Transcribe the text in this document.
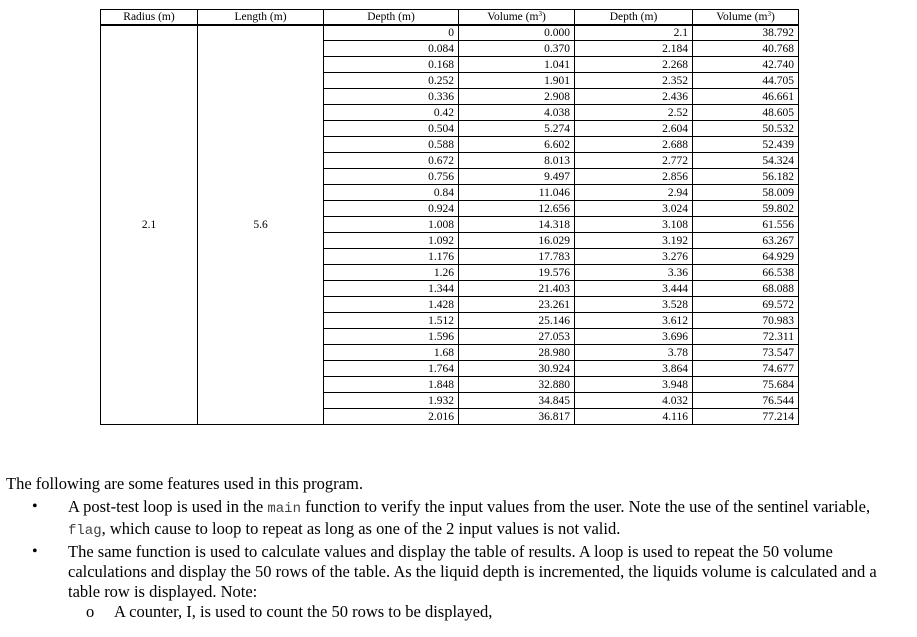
Radius (m)	Length (m)	Depth (m)	Volume $(m^3)$	Depth (m)	Volume $(m^3)$
2.1	5.6	0	0.000	2.1	38.792
		0.084	0.370	2.184	40.768
		0.168	1.041	2.268	42.740
		0.252	1.901	2.352	44.705
		0.336	2.908	2.436	46.661
		0.42	4.038	2.52	48.605
		0.504	5.274	2.604	50.532
		0.588	6.602	2.688	52.439
		0.672	8.013	2.772	54.324
		0.756	9.497	2.856	56.182
		0.84	11.046	2.94	58.009
		0.924	12.656	3.024	59.802
		1.008	14.318	3.108	61.556
		1.092	16.029	3.192	63.267
		1.176	17.783	3.276	64.929
		1.26	19.576	3.36	66.538
		1.344	21.403	3.444	68.088
		1.428	23.261	3.528	69.572
		1.512	25.146	3.612	70.983
		1.596	27.053	3.696	72.311
		1.68	28.980	3.78	73.547
		1.764	30.924	3.864	74.677
		1.848	32.880	3.948	75.684
		1.932	34.845	4.032	76.544
		2.016	36.817	4.116	77.214

The following are some features used in this program.

• A post-test loop is used in the main function to verify the input values from the user. Note the use of the sentinel variable, flag, which cause to loop to repeat as long as one of the 2 input values is not valid.
• The same function is used to calculate values and display the table of results. A loop is used to repeat the 50 volume calculations and display the 50 rows of the table. As the liquid depth is incremented, the liquids volume is calculated and a table row is displayed. Note:
o A counter, I, is used to count the 50 rows to be displayed,
